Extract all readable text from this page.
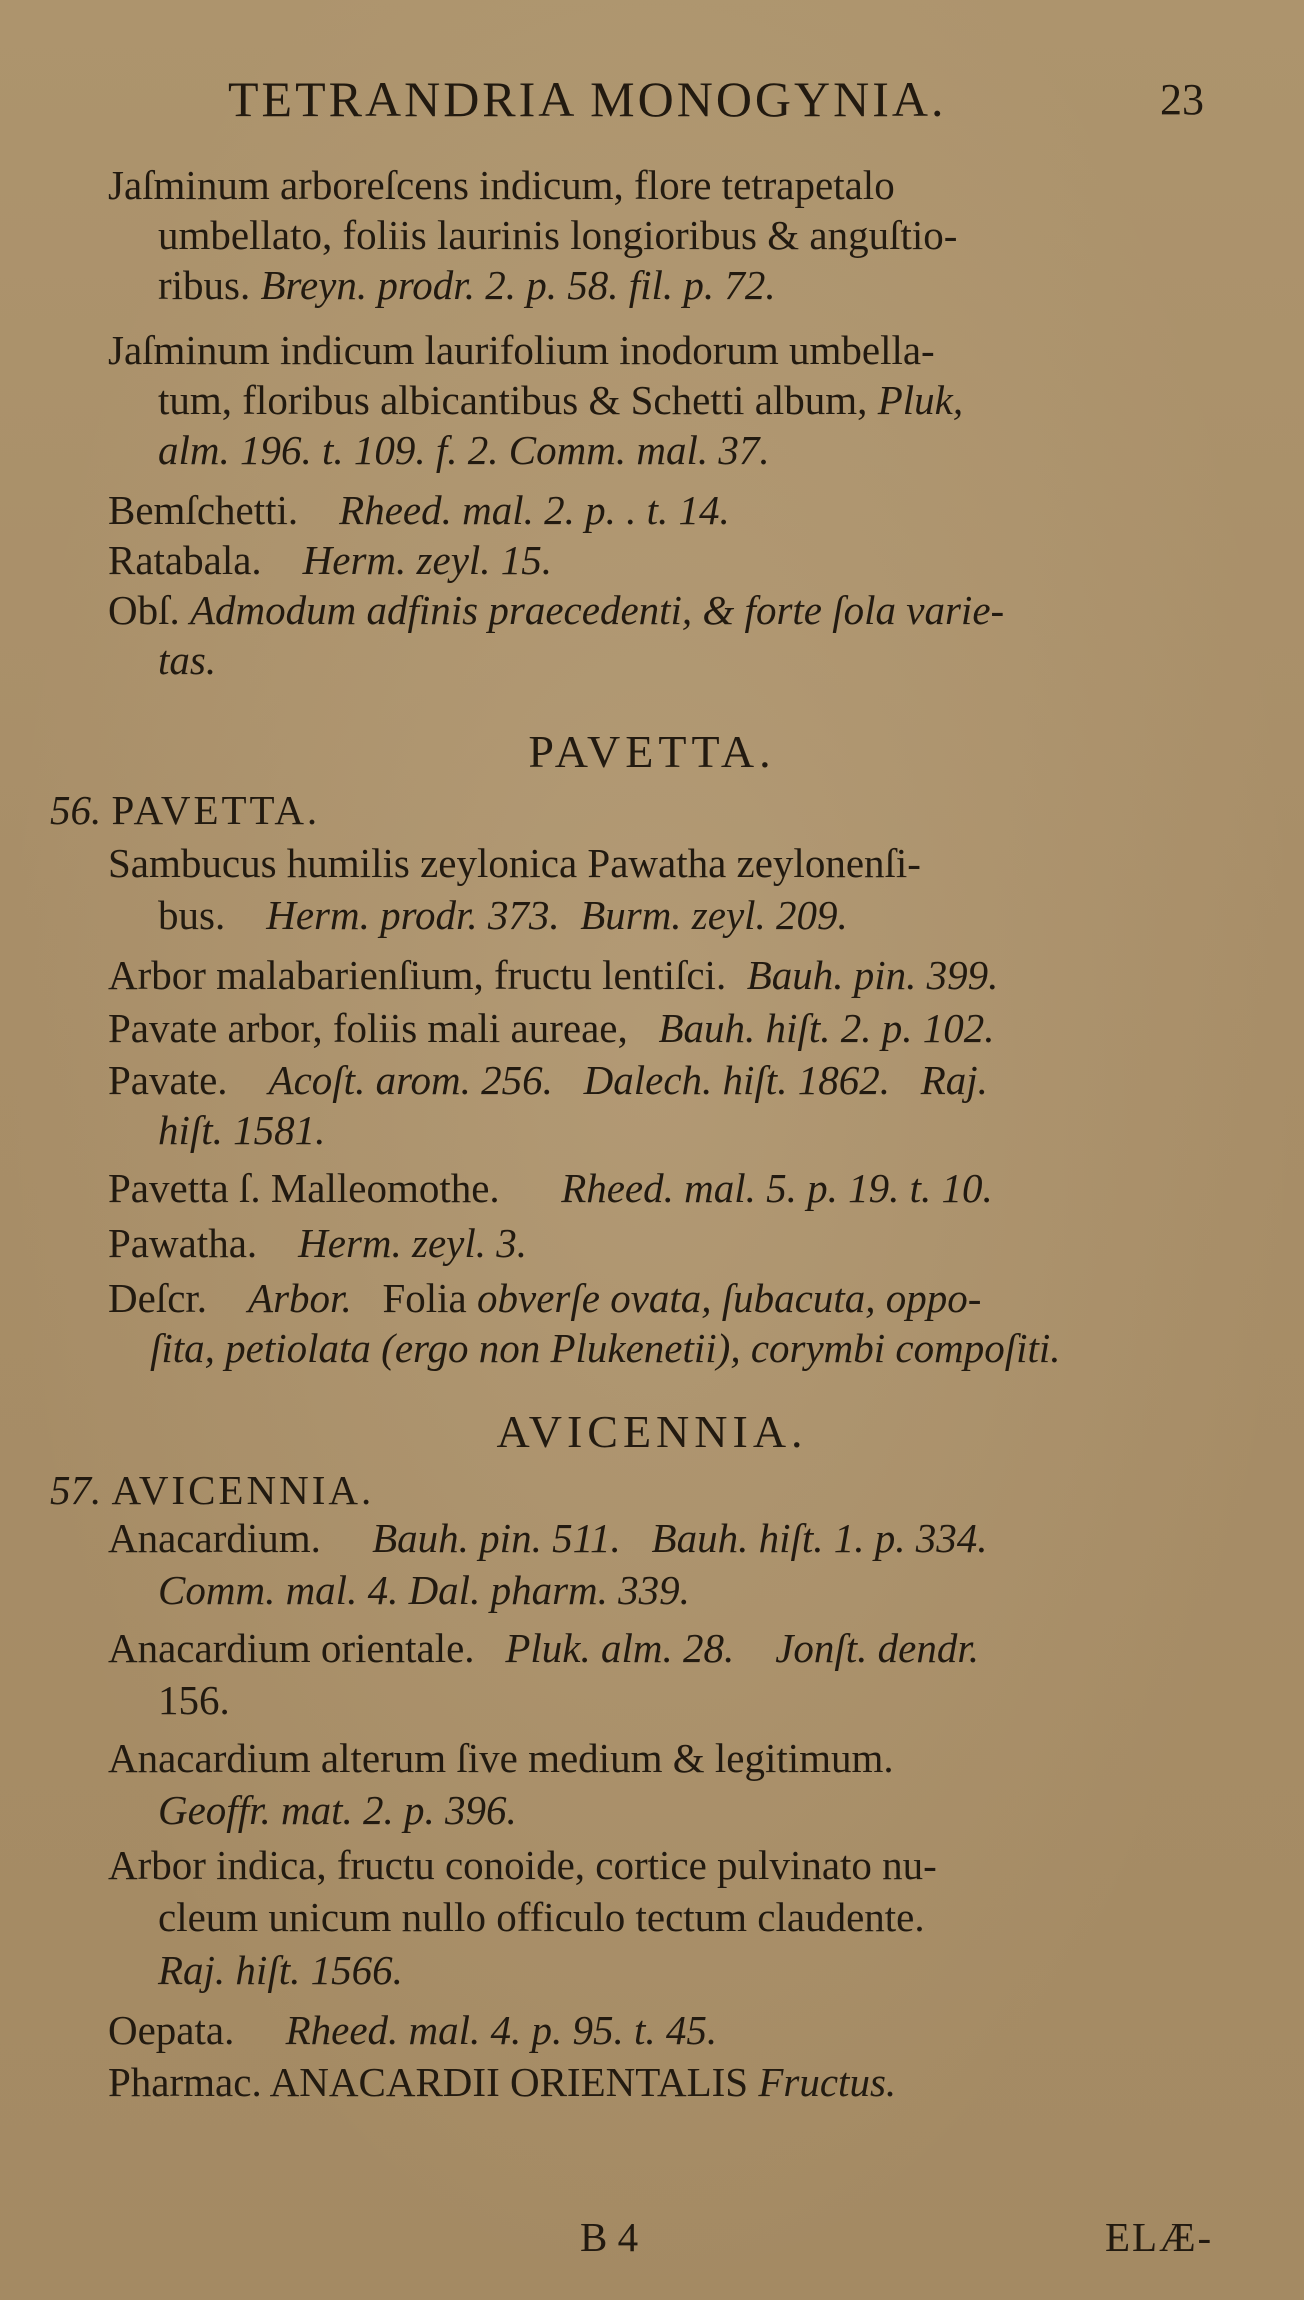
TETRANDRIA MONOGYNIA.	23
Jaſminum arboreſcens indicum, flore tetrapetalo
umbellato, foliis laurinis longioribus & anguſtio-
ribus. Breyn. prodr. 2. p. 58. fil. p. 72.
Jaſminum indicum laurifolium inodorum umbella-
tum, floribus albicantibus & Schetti album, Pluk,
alm. 196. t. 109. f. 2. Comm. mal. 37.
Bemſchetti. Rheed. mal. 2. p. . t. 14.
Ratabala. Herm. zeyl. 15.
Obſ. Admodum adfinis praecedenti, & forte ſola varie-
tas.
PAVETTA.
56. PAVETTA.
Sambucus humilis zeylonica Pawatha zeylonenſi-
bus. Herm. prodr. 373. Burm. zeyl. 209.
Arbor malabarienſium, fructu lentiſci. Bauh. pin. 399.
Pavate arbor, foliis mali aureae, Bauh. hiſt. 2. p. 102.
Pavate. Acoſt. arom. 256. Dalech. hiſt. 1862. Raj.
hiſt. 1581.
Pavetta ſ. Malleomothe. Rheed. mal. 5. p. 19. t. 10.
Pawatha. Herm. zeyl. 3.
Deſcr. Arbor. Folia obverſe ovata, ſubacuta, oppo-
ſita, petiolata (ergo non Plukenetii), corymbi compoſiti.
AVICENNIA.
57. AVICENNIA.
Anacardium. Bauh. pin. 511. Bauh. hiſt. 1. p. 334.
Comm. mal. 4. Dal. pharm. 339.
Anacardium orientale. Pluk. alm. 28. Jonſt. dendr.
156.
Anacardium alterum ſive medium & legitimum.
Geoffr. mat. 2. p. 396.
Arbor indica, fructu conoide, cortice pulvinato nu-
cleum unicum nullo officulo tectum claudente.
Raj. hiſt. 1566.
Oepata. Rheed. mal. 4. p. 95. t. 45.
Pharmac. ANACARDII ORIENTALIS Fructus.
B 4	ELÆ-
